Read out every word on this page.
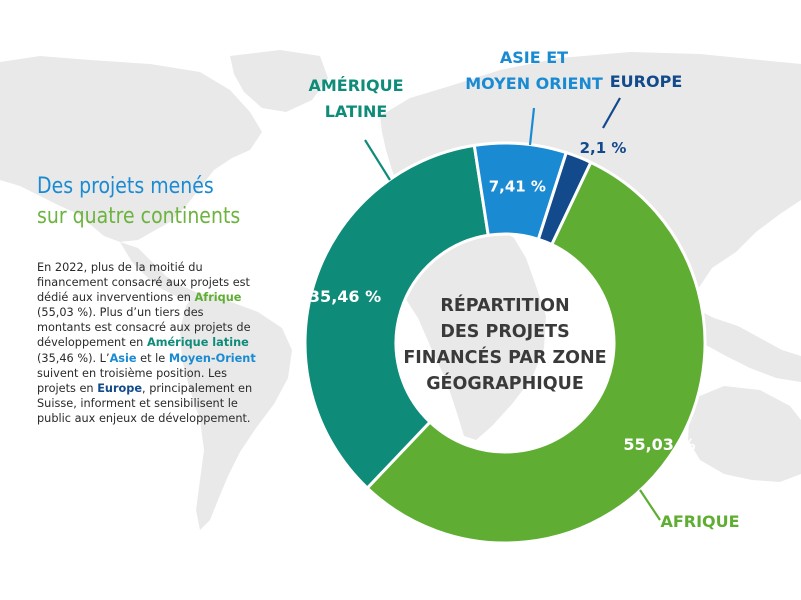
55,03 %
AFRIQUE
35,46 %
AMÉRIQUE LATINE
7,41 %
ASIE ET MOYEN ORIENT
2,1 %
EUROPE
RÉPARTITION DES PROJETS FINANCÉS PAR ZONE GÉOGRAPHIQUE
Des projets menés
sur quatre continents
En 2022, plus de la moitié du financement consacré aux projets est dédié aux inverventions en Afrique (55,03 %). Plus d’un tiers des montants est consacré aux projets de développement en Amérique latine (35,46 %). L’Asie et le Moyen-Orient suivent en troisième position. Les projets en Europe, principalement en Suisse, informent et sensibilisent le public aux enjeux de développement.
